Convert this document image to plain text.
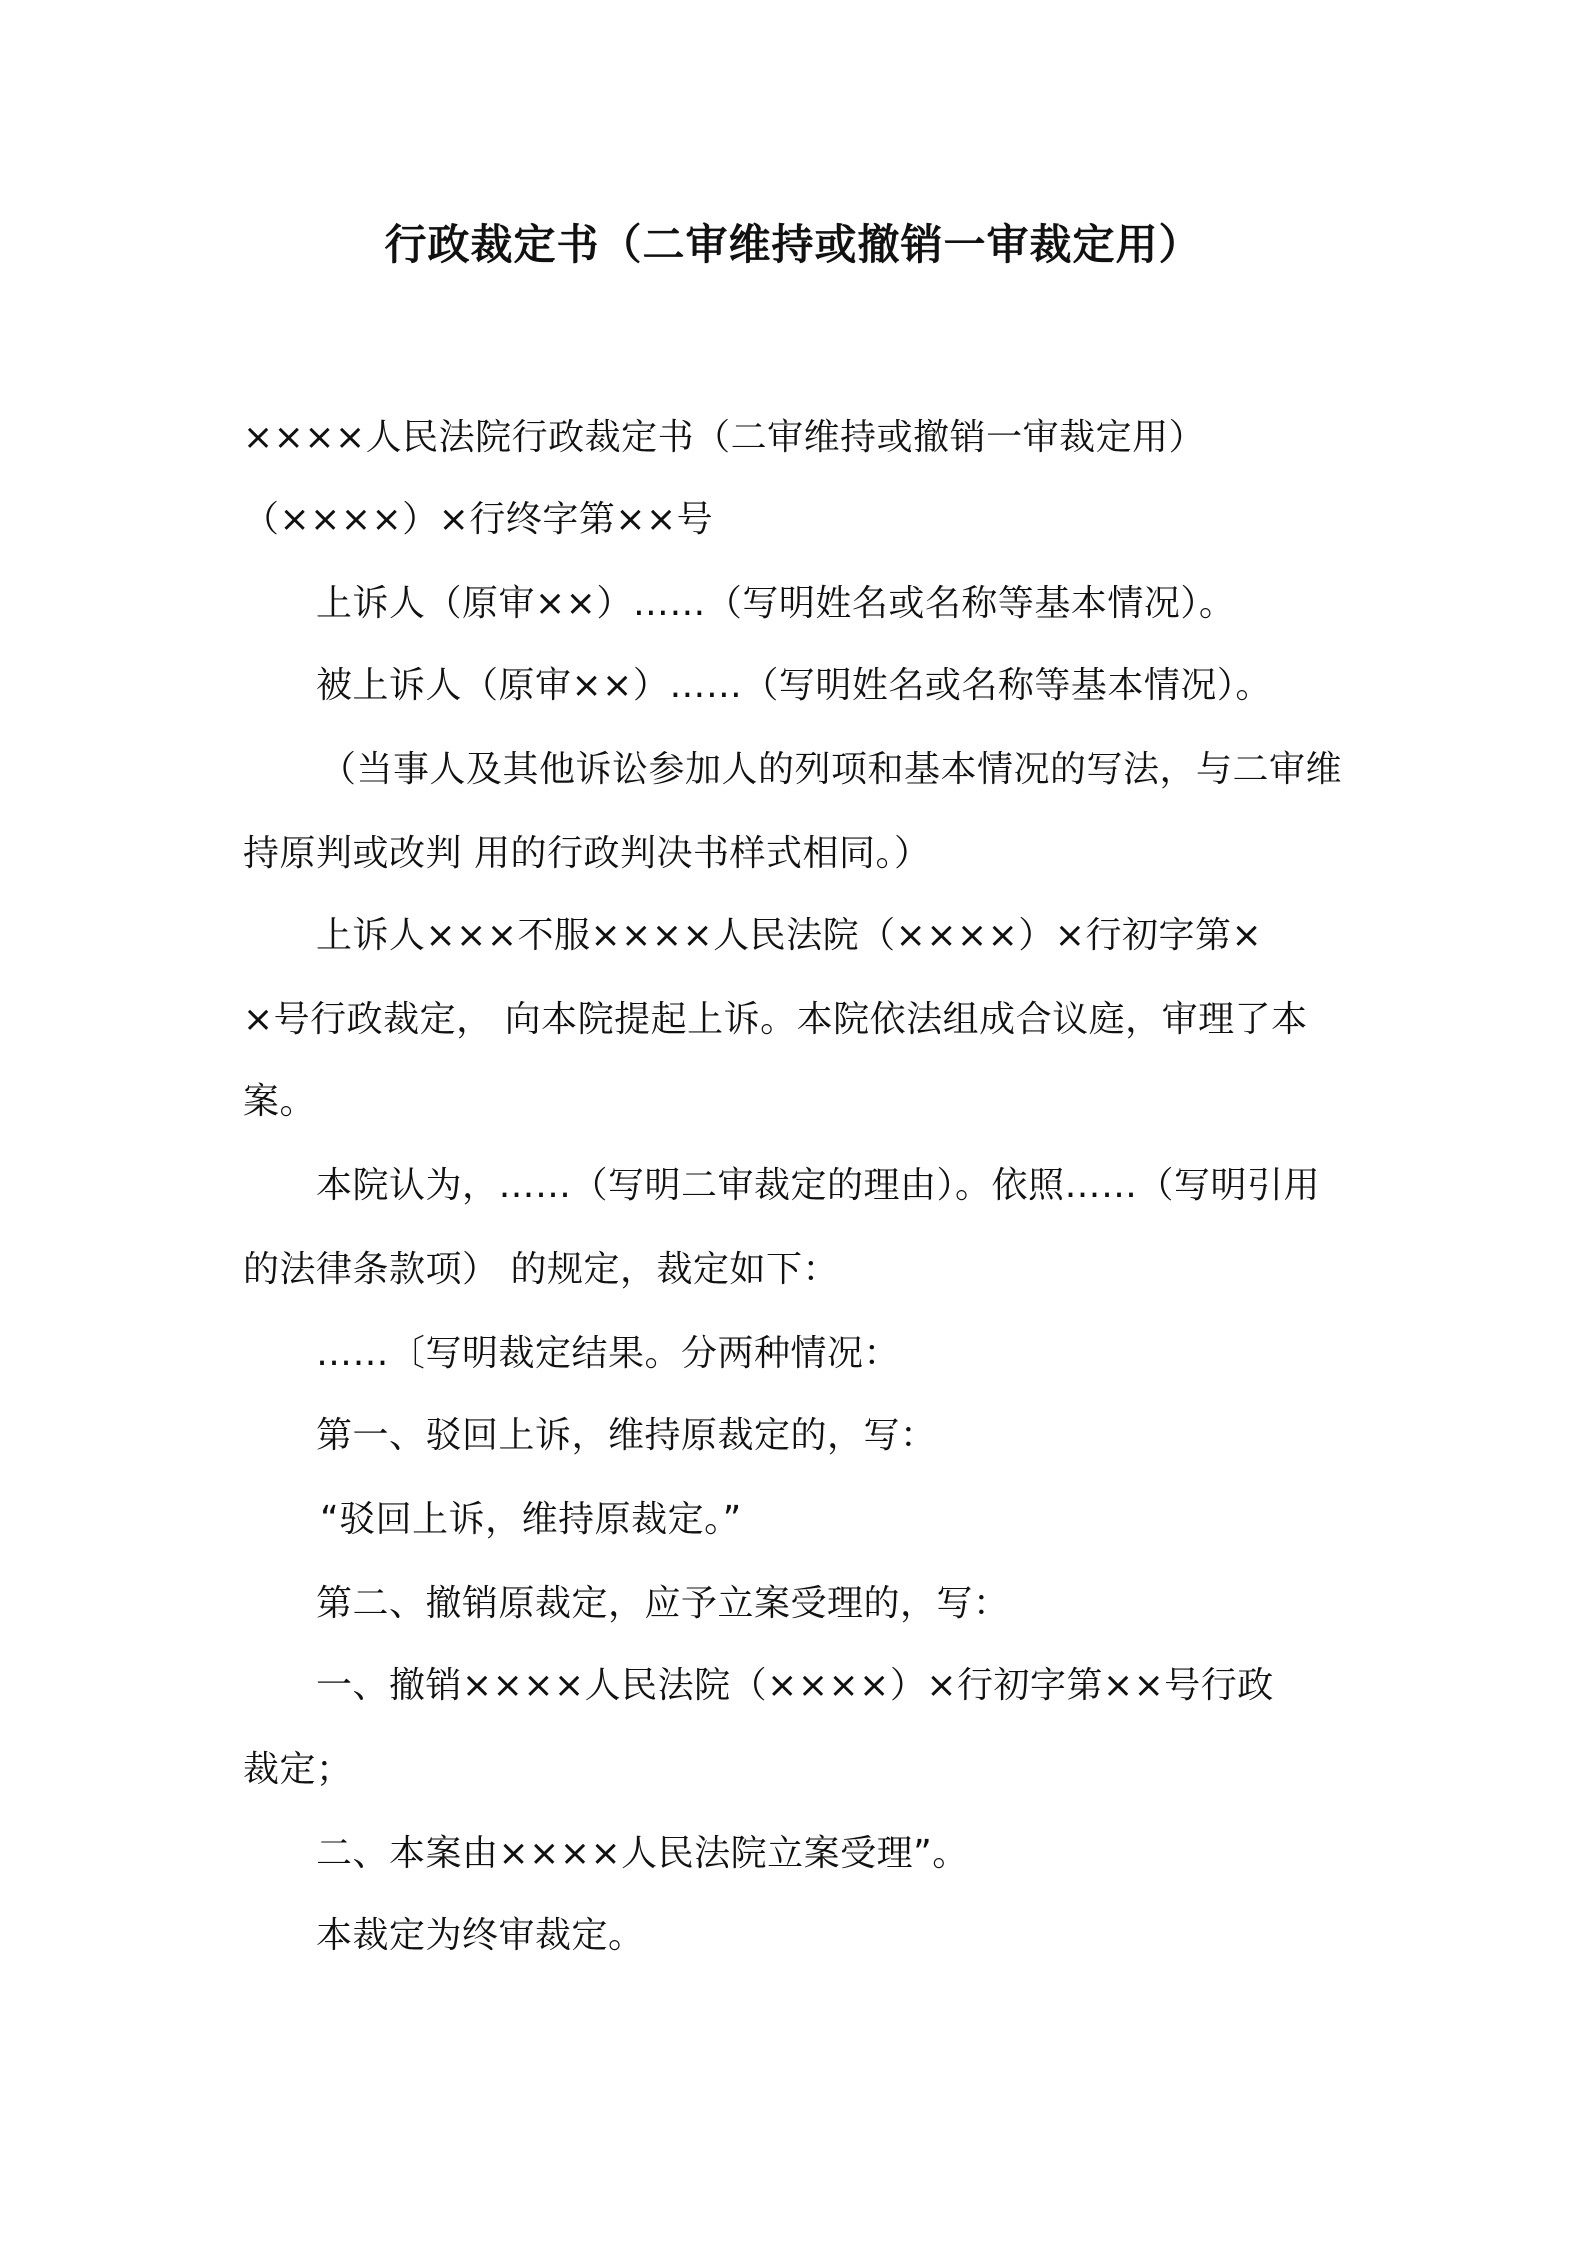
行政裁定书（二审维持或撤销一审裁定用）
××××人民法院行政裁定书（二审维持或撤销一审裁定用）
（××××）×行终字第××号
上诉人（原审××）……（写明姓名或名称等基本情况）。
被上诉人（原审××）……（写明姓名或名称等基本情况）。
（当事人及其他诉讼参加人的列项和基本情况的写法，与二审维
持原判或改判 用的行政判决书样式相同。）
上诉人×××不服××××人民法院（××××）×行初字第×
×号行政裁定， 向本院提起上诉。本院依法组成合议庭，审理了本
案。
本院认为，……（写明二审裁定的理由）。依照……（写明引用
的法律条款项） 的规定，裁定如下：
……〔写明裁定结果。分两种情况：
第一、驳回上诉，维持原裁定的，写：
“驳回上诉，维持原裁定。”
第二、撤销原裁定，应予立案受理的，写：
一、撤销××××人民法院（××××）×行初字第××号行政
裁定；
二、本案由××××人民法院立案受理”。
本裁定为终审裁定。
